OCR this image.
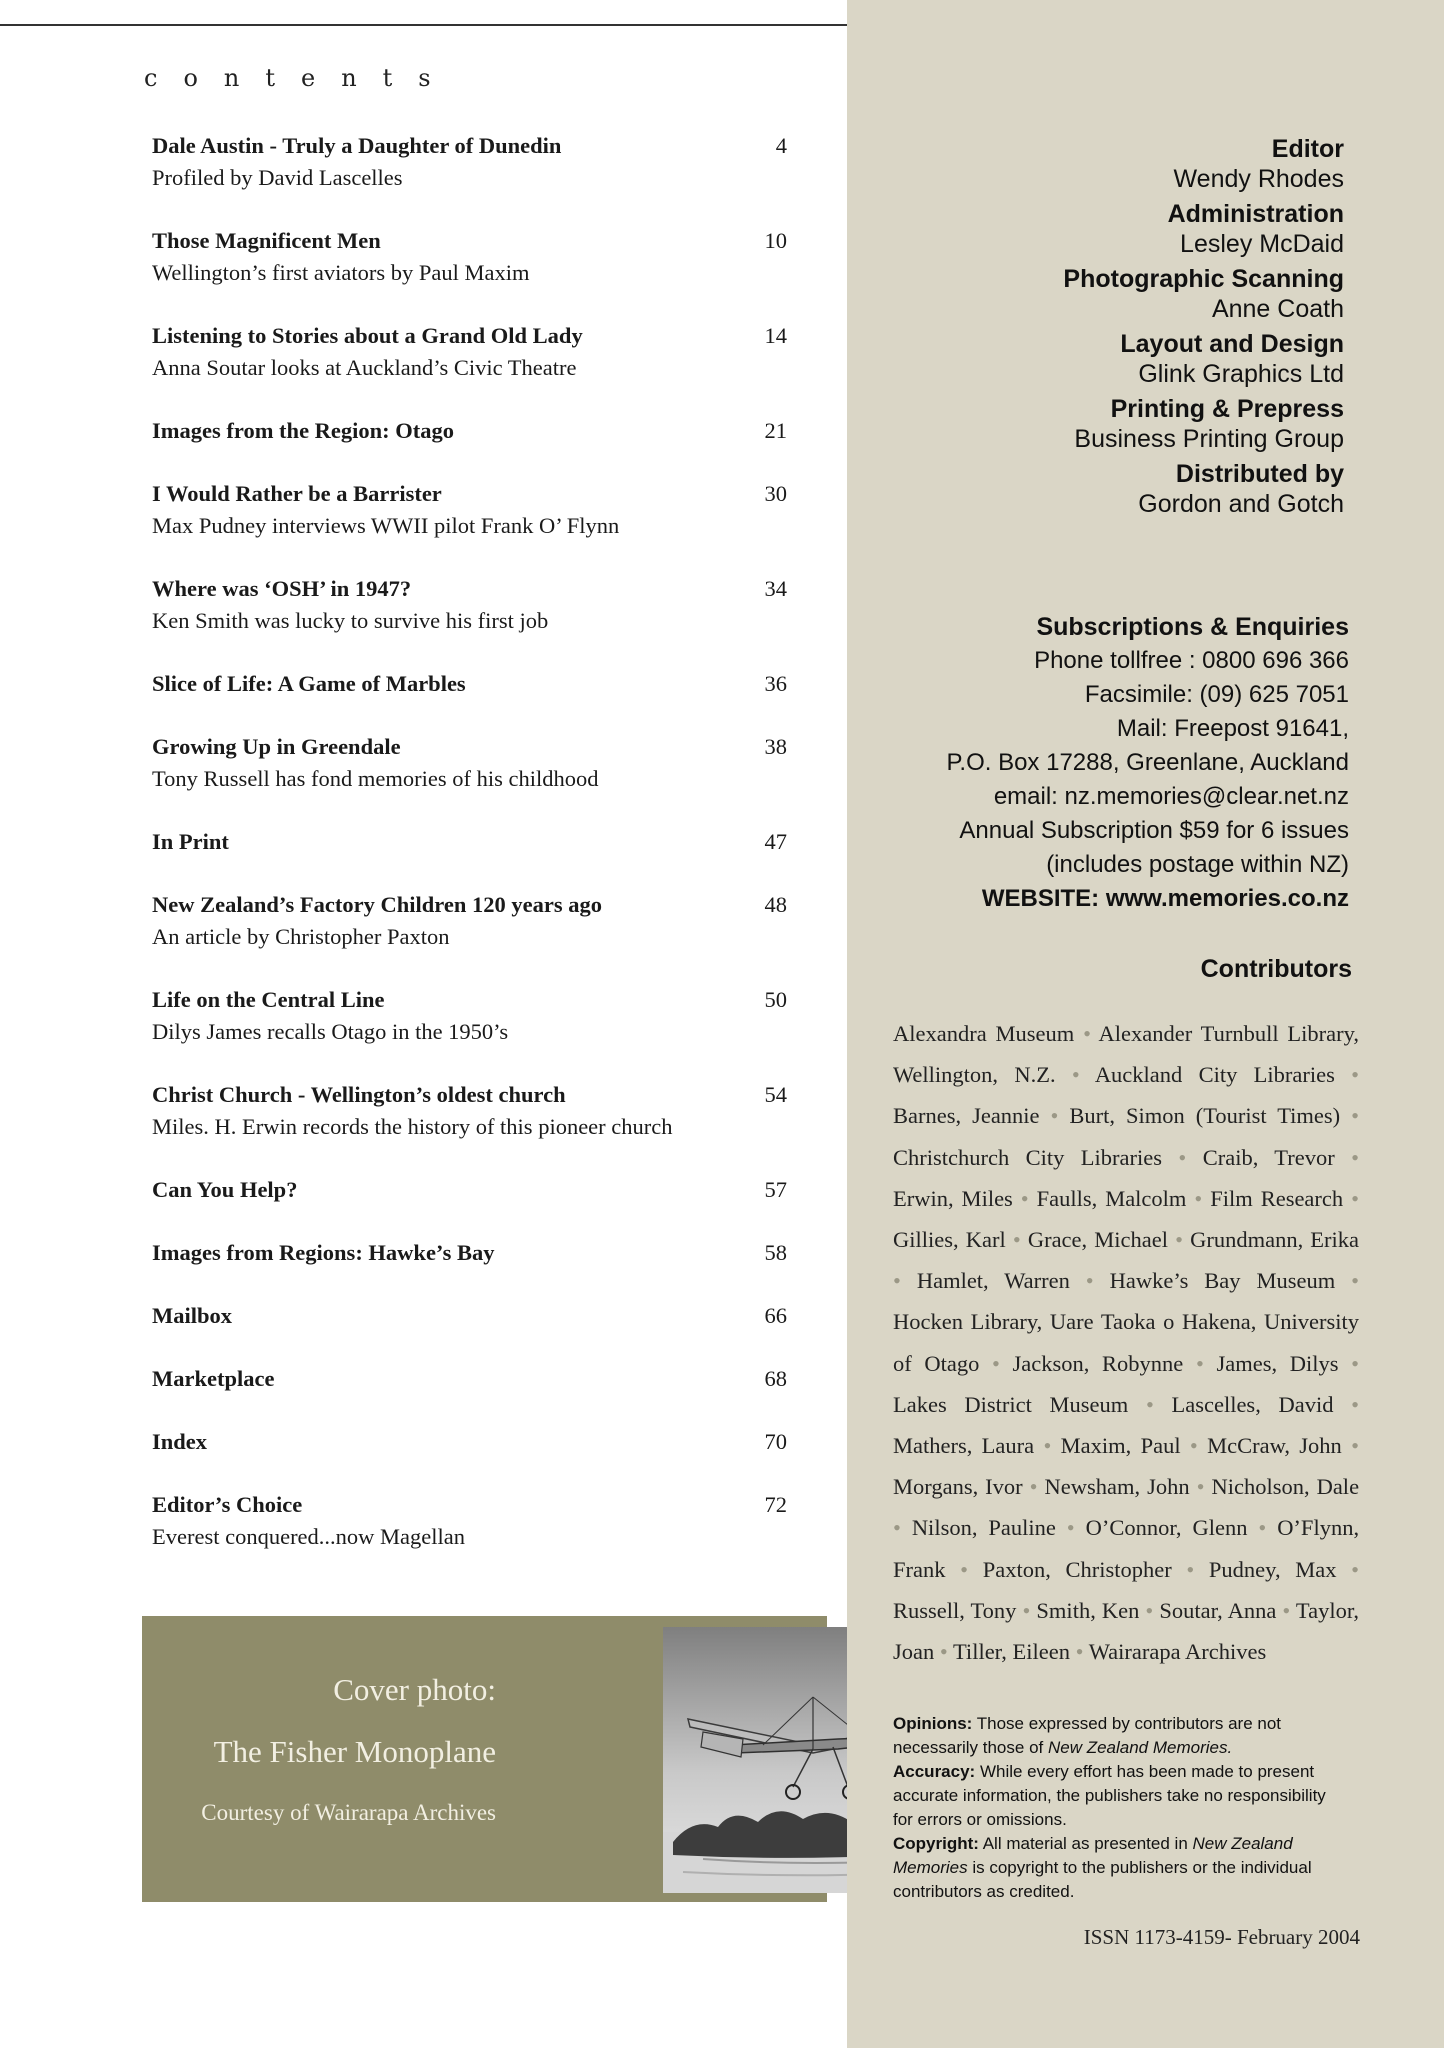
contents
Dale Austin - Truly a Daughter of Dunedin	4
Profiled by David Lascelles
Those Magnificent Men	10
Wellington’s first aviators by Paul Maxim
Listening to Stories about a Grand Old Lady	14
Anna Soutar looks at Auckland’s Civic Theatre
Images from the Region: Otago	21
I Would Rather be a Barrister	30
Max Pudney interviews WWII pilot Frank O’ Flynn
Where was ‘OSH’ in 1947?	34
Ken Smith was lucky to survive his first job
Slice of Life: A Game of Marbles	36
Growing Up in Greendale	38
Tony Russell has fond memories of his childhood
In Print	47
New Zealand’s Factory Children 120 years ago	48
An article by Christopher Paxton
Life on the Central Line	50
Dilys James recalls Otago in the 1950’s
Christ Church - Wellington’s oldest church	54
Miles. H. Erwin records the history of this pioneer church
Can You Help?	57
Images from Regions: Hawke’s Bay	58
Mailbox	66
Marketplace	68
Index	70
Editor’s Choice	72
Everest conquered...now Magellan
Cover photo:
The Fisher Monoplane
Courtesy of Wairarapa Archives
Editor
Wendy Rhodes
Administration
Lesley McDaid
Photographic Scanning
Anne Coath
Layout and Design
Glink Graphics Ltd
Printing & Prepress
Business Printing Group
Distributed by
Gordon and Gotch
Subscriptions & Enquiries
Phone tollfree : 0800 696 366
Facsimile: (09) 625 7051
Mail: Freepost 91641,
P.O. Box 17288, Greenlane, Auckland
email: nz.memories@clear.net.nz
Annual Subscription $59 for 6 issues
(includes postage within NZ)
WEBSITE: www.memories.co.nz
Contributors
Alexandra Museum • Alexander Turnbull Library, Wellington, N.Z. • Auckland City Libraries • Barnes, Jeannie • Burt, Simon (Tourist Times) • Christchurch City Libraries • Craib, Trevor • Erwin, Miles • Faulls, Malcolm • Film Research • Gillies, Karl • Grace, Michael • Grundmann, Erika • Hamlet, Warren • Hawke’s Bay Museum • Hocken Library, Uare Taoka o Hakena, University of Otago • Jackson, Robynne • James, Dilys • Lakes District Museum • Lascelles, David • Mathers, Laura • Maxim, Paul • McCraw, John • Morgans, Ivor • Newsham, John • Nicholson, Dale • Nilson, Pauline • O’Connor, Glenn • O’Flynn, Frank • Paxton, Christopher • Pudney, Max • Russell, Tony • Smith, Ken • Soutar, Anna • Taylor, Joan • Tiller, Eileen • Wairarapa Archives
Opinions: Those expressed by contributors are not necessarily those of New Zealand Memories.
Accuracy: While every effort has been made to present accurate information, the publishers take no responsibility for errors or omissions.
Copyright: All material as presented in New Zealand Memories is copyright to the publishers or the individual contributors as credited.
ISSN 1173-4159- February 2004
